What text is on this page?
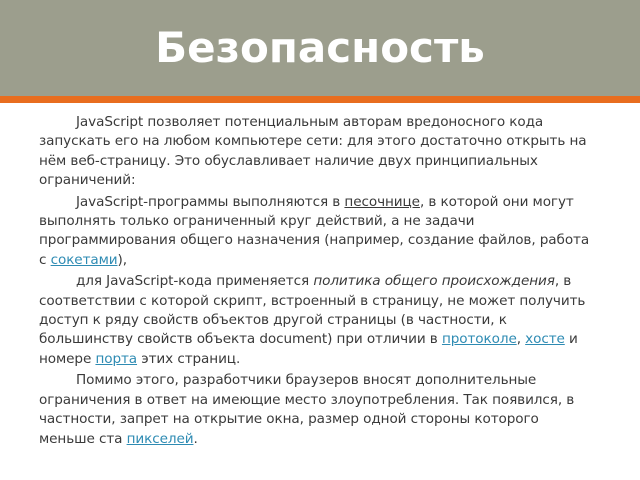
Безопасность

JavaScript позволяет потенциальным авторам вредоносного кода запускать его на любом компьютере сети: для этого достаточно открыть на нём веб-страницу. Это обуславливает наличие двух принципиальных ограничений:

JavaScript-программы выполняются в песочнице, в которой они могут выполнять только ограниченный круг действий, а не задачи программирования общего назначения (например, создание файлов, работа с сокетами),

для JavaScript-кода применяется политика общего происхождения, в соответствии с которой скрипт, встроенный в страницу, не может получить доступ к ряду свойств объектов другой страницы (в частности, к большинству свойств объекта document) при отличии в протоколе, хосте и номере порта этих страниц.

Помимо этого, разработчики браузеров вносят дополнительные ограничения в ответ на имеющие место злоупотребления. Так появился, в частности, запрет на открытие окна, размер одной стороны которого меньше ста пикселей.
